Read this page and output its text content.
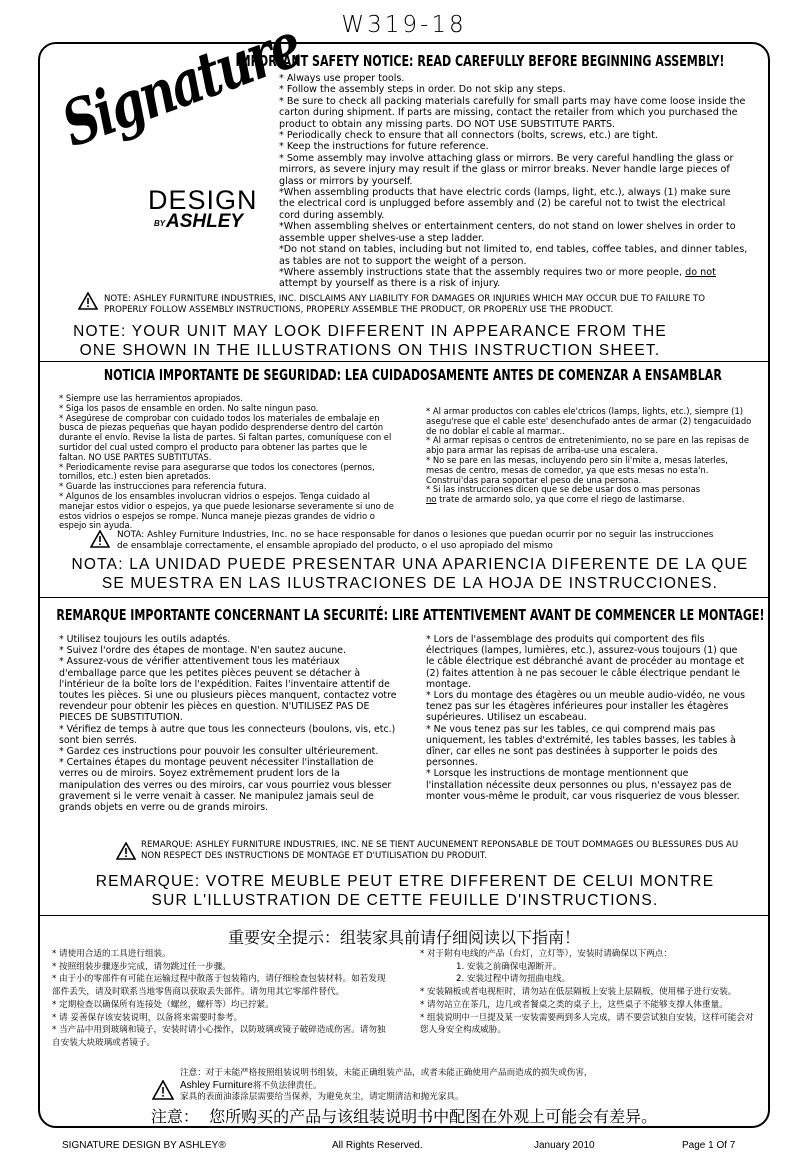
W319-18
Signature
DESIGN
BY ASHLEY
IMPORTANT SAFETY NOTICE: READ CAREFULLY BEFORE BEGINNING ASSEMBLY!

* Always use proper tools.

* Follow the assembly steps in order. Do not skip any steps.

* Be sure to check all packing materials carefully for small parts may have come loose inside the carton during shipment. If parts are missing, contact the retailer from which you purchased the product to obtain any missing parts. DO NOT USE SUBSTITUTE PARTS.

* Periodically check to ensure that all connectors (bolts, screws, etc.) are tight.

* Keep the instructions for future reference.

* Some assembly may involve attaching glass or mirrors. Be very careful handling the glass or mirrors, as severe injury may result if the glass or mirror breaks. Never handle large pieces of glass or mirrors by yourself.

*When assembling products that have electric cords (lamps, light, etc.), always (1) make sure the electrical cord is unplugged before assembly and (2) be careful not to twist the electrical cord during assembly.

*When assembling shelves or entertainment centers, do not stand on lower shelves in order to assemble upper shelves-use a step ladder.

*Do not stand on tables, including but not limited to, end tables, coffee tables, and dinner tables, as tables are not to support the weight of a person.

*Where assembly instructions state that the assembly requires two or more people, do not attempt by yourself as there is a risk of injury.

NOTE: ASHLEY FURNITURE INDUSTRIES, INC. DISCLAIMS ANY LIABILITY FOR DAMAGES OR INJURIES WHICH MAY OCCUR DUE TO FAILURE TO PROPERLY FOLLOW ASSEMBLY INSTRUCTIONS, PROPERLY ASSEMBLE THE PRODUCT, OR PROPERLY USE THE PRODUCT.
NOTE: YOUR UNIT MAY LOOK DIFFERENT IN APPEARANCE FROM THE ONE SHOWN IN THE ILLUSTRATIONS ON THIS INSTRUCTION SHEET.
NOTICIA IMPORTANTE DE SEGURIDAD: LEA CUIDADOSAMENTE ANTES DE COMENZAR A ENSAMBLAR
* Siempre use las herramientos apropiados.
* Siga los pasos de ensamble en orden. No salte ningun paso.
* Asegúrese de comprobar con cuidado todos los materiales de embalaje en busca de piezas pequeñas que hayan podido desprenderse dentro del cartón durante el envío. Revise la lista de partes. Si faltan partes, comuníquese con el surtidor del cual usted compro el producto para obtener las partes que le faltan. NO USE PARTES SUBTITUTAS.
* Periodicamente revise para asegurarse que todos los conectores (pernos, tornillos, etc.) esten bien apretados.
* Guarde las instrucciones para referencia futura.
* Algunos de los ensambles involucran vidrios o espejos. Tenga cuidado al manejar estos vidior o espejos, ya que puede lesionarse severamente si uno de estos vidrios o espejos se rompe. Nunca maneje piezas grandes de vidrio o espejo sin ayuda.
* Al armar productos con cables ele'ctricos (lamps, lights, etc.), siempre (1) asegu'rese que el cable este' desenchufado antes de armar (2) tengacuidado de no doblar el cable al marmar..
* Al armar repisas o centros de entretenimiento, no se pare en las repisas de abjo para armar las repisas de arriba-use una escalera.
* No se pare en las mesas, incluyendo pero sin li'mite a, mesas laterles, mesas de centro, mesas de comedor, ya que ests mesas no esta'n. Construi'das para soportar el peso de una persona.
* Si las instrucciones dicen que se debe usar dos o mas personas
no trate de armardo solo, ya que corre el riego de lastimarse.
NOTA: Ashley Furniture Industries, Inc. no se hace responsable for danos o lesiones que puedan ocurrir por no seguir las instrucciones de ensamblaje correctamente, el ensamble apropiado del producto, o el uso apropiado del mismo
NOTA: LA UNIDAD PUEDE PRESENTAR UNA APARIENCIA DIFERENTE DE LA QUE SE MUESTRA EN LAS ILUSTRACIONES DE LA HOJA DE INSTRUCCIONES.
REMARQUE IMPORTANTE CONCERNANT LA SECURITÉ: LIRE ATTENTIVEMENT AVANT DE COMMENCER LE MONTAGE!
* Utilisez toujours les outils adaptés.
* Suivez l'ordre des étapes de montage. N'en sautez aucune.
* Assurez-vous de vérifier attentivement tous les matériaux d'emballage parce que les petites pièces peuvent se détacher à l'intérieur de la boîte lors de l'expédition. Faites l'inventaire attentif de toutes les pièces. Si une ou plusieurs pièces manquent, contactez votre revendeur pour obtenir les pièces en question. N'UTILISEZ PAS DE PIECES DE SUBSTITUTION.
* Vérifiez de temps à autre que tous les connecteurs (boulons, vis, etc.) sont bien serrés.
* Gardez ces instructions pour pouvoir les consulter ultérieurement.
* Certaines étapes du montage peuvent nécessiter l'installation de verres ou de miroirs. Soyez extrêmement prudent lors de la manipulation des verres ou des miroirs, car vous pourriez vous blesser gravement si le verre venait à casser. Ne manipulez jamais seul de grands objets en verre ou de grands miroirs.
* Lors de l'assemblage des produits qui comportent des fils électriques (lampes, lumières, etc.), assurez-vous toujours (1) que le câble électrique est débranché avant de procéder au montage et (2) faites attention à ne pas secouer le câble électrique pendant le montage.
* Lors du montage des étagères ou un meuble audio-vidéo, ne vous tenez pas sur les étagères inférieures pour installer les étagères supérieures. Utilisez un escabeau.
* Ne vous tenez pas sur les tables, ce qui comprend mais pas uniquement, les tables d'extrémité, les tables basses, les tables à dîner, car elles ne sont pas destinées à supporter le poids des personnes.
* Lorsque les instructions de montage mentionnent que l'installation nécessite deux personnes ou plus, n'essayez pas de monter vous-même le produit, car vous risqueriez de vous blesser.
REMARQUE: ASHLEY FURNITURE INDUSTRIES, INC. NE SE TIENT AUCUNEMENT REPONSABLE DE TOUT DOMMAGES OU BLESSURES DUS AU NON RESPECT DES INSTRUCTIONS DE MONTAGE ET D'UTILISATION DU PRODUIT.
REMARQUE: VOTRE MEUBLE PEUT ETRE DIFFERENT DE CELUI MONTRE SUR L'ILLUSTRATION DE CETTE FEUILLE D'INSTRUCTIONS.
重要安全提示：组装家具前请仔细阅读以下指南！

* 请使用合适的工具进行组装。

* 按照组装步骤逐步完成，请勿跳过任一步骤。

* 由于小的零部件有可能在运输过程中散落于包装箱内，请仔细检查包装材料。如若发现部件丢失，请及时联系当地零售商以获取丢失部件。请勿用其它零部件替代。

* 定期检查以确保所有连接处（螺丝，螺杆等）均已拧紧。

* 请 妥善保存该安装说明，以备将来需要时参考。

* 当产品中用到玻璃和镜子，安装时请小心操作，以防玻璃或镜子破碎造成伤害。请勿独自安装大块玻璃或者镜子。

* 对于附有电线的产品（台灯，立灯等），安装时请确保以下两点：

1. 安装之前确保电源断开。

2. 安装过程中请勿扭曲电线。

* 安装隔板或者电视柜时，请勿站在低层隔板上安装上层隔板，使用梯子进行安装。

* 请勿站立在茶几，边几或者餐桌之类的桌子上，这些桌子不能够支撑人体重量。

* 组装说明中一旦提及某一安装需要两到多人完成，请不要尝试独自安装，这样可能会对您人身安全构成威胁。

注意：对于未能严格按照组装说明书组装，未能正确组装产品，或者未能正确使用产品而造成的损失或伤害，

Ashley Furniture将不负法律责任。

家具的表面油漆涂层需要给当保养，为避免灰尘，请定期清洁和抛光家具。

注意：  您所购买的产品与该组装说明书中配图在外观上可能会有差异。
SIGNATURE DESIGN BY ASHLEY®	All Rights Reserved.	January 2010	Page 1 Of 7
